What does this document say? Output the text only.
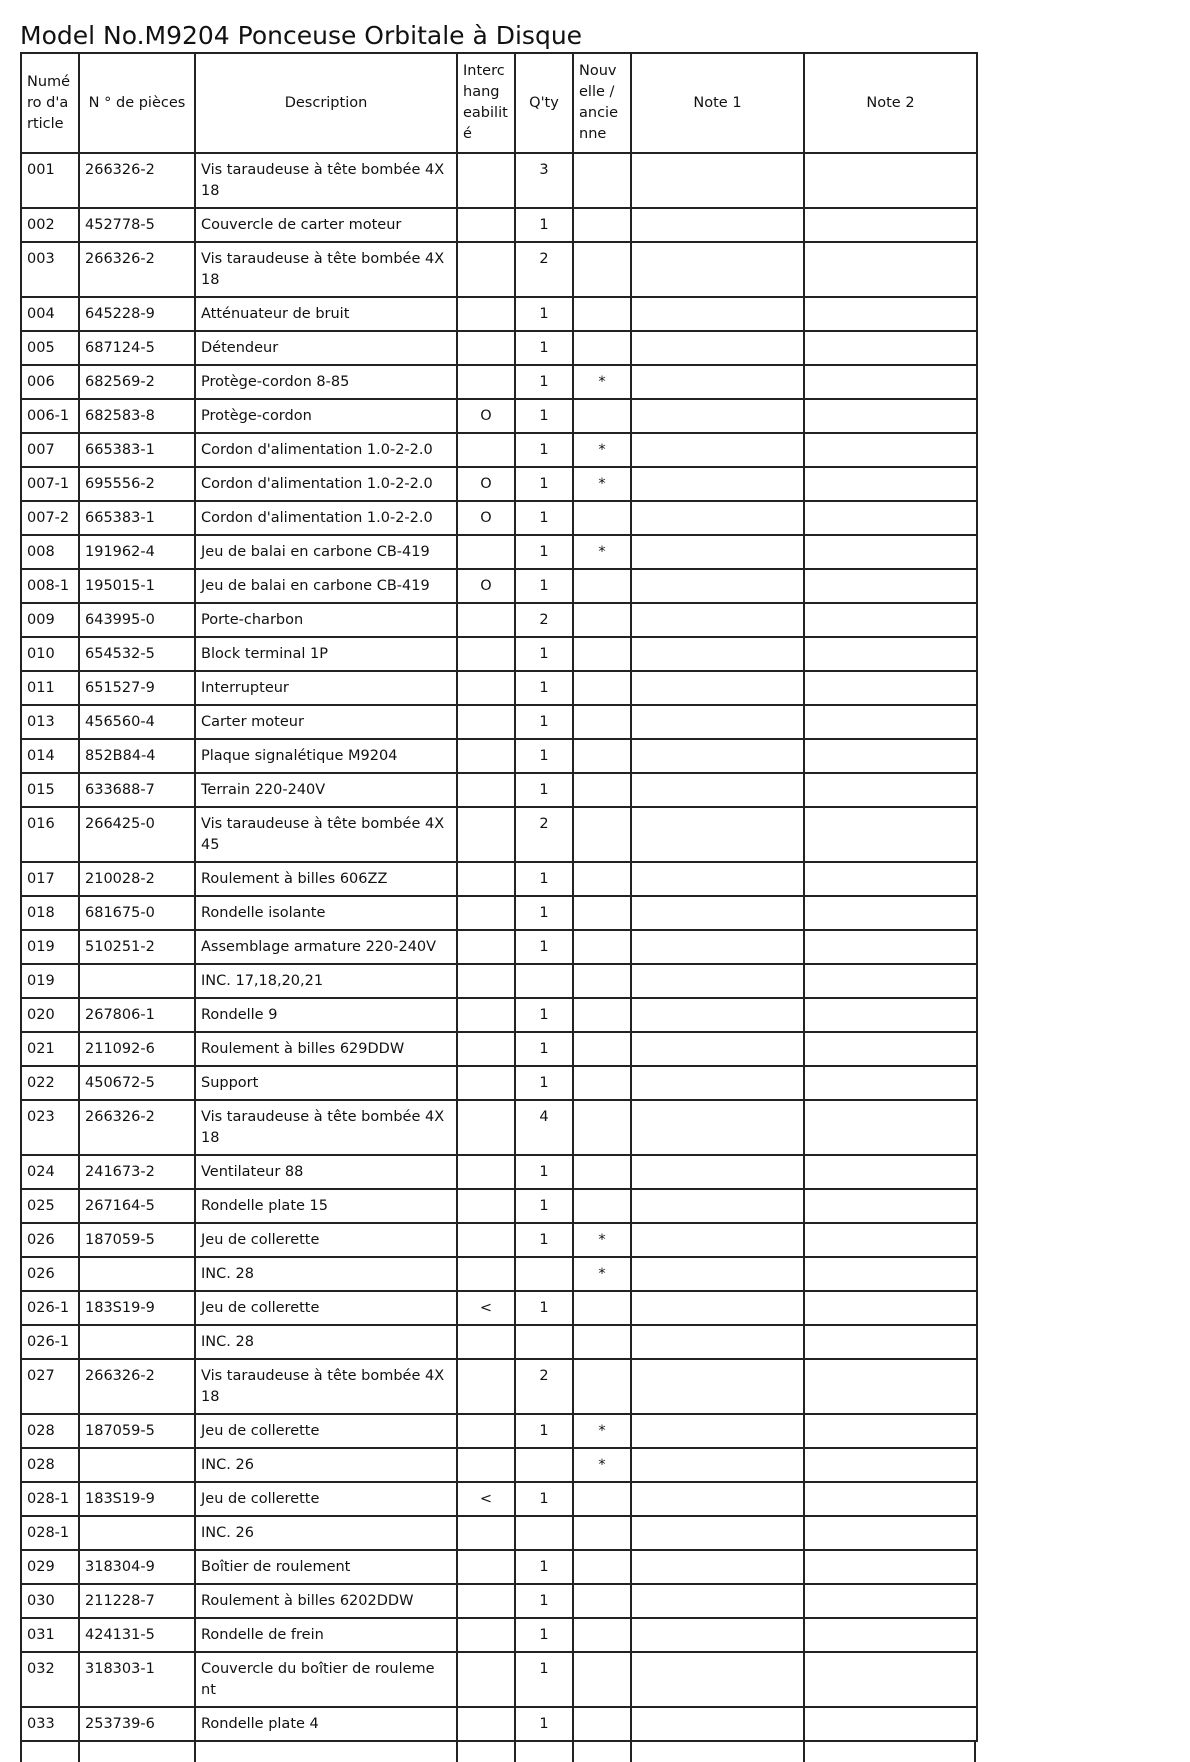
Model No.M9204 Ponceuse Orbitale à Disque
Numé ro d'a rticle	N ° de pièces	Description	Interc hang eabilit é	Q'ty	Nouv elle / ancie nne	Note 1	Note 2
001	266326-2	Vis taraudeuse à tête bombée 4X 18		3			
002	452778-5	Couvercle de carter moteur		1			
003	266326-2	Vis taraudeuse à tête bombée 4X 18		2			
004	645228-9	Atténuateur de bruit		1			
005	687124-5	Détendeur		1			
006	682569-2	Protège-cordon 8-85		1	*		
006-1	682583-8	Protège-cordon	O	1			
007	665383-1	Cordon d'alimentation 1.0-2-2.0		1	*		
007-1	695556-2	Cordon d'alimentation 1.0-2-2.0	O	1	*		
007-2	665383-1	Cordon d'alimentation 1.0-2-2.0	O	1			
008	191962-4	Jeu de balai en carbone CB-419		1	*		
008-1	195015-1	Jeu de balai en carbone CB-419	O	1			
009	643995-0	Porte-charbon		2			
010	654532-5	Block terminal 1P		1			
011	651527-9	Interrupteur		1			
013	456560-4	Carter moteur		1			
014	852B84-4	Plaque signalétique M9204		1			
015	633688-7	Terrain 220-240V		1			
016	266425-0	Vis taraudeuse à tête bombée 4X 45		2			
017	210028-2	Roulement à billes 606ZZ		1			
018	681675-0	Rondelle isolante		1			
019	510251-2	Assemblage armature 220-240V		1			
019		INC. 17,18,20,21					
020	267806-1	Rondelle 9		1			
021	211092-6	Roulement à billes 629DDW		1			
022	450672-5	Support		1			
023	266326-2	Vis taraudeuse à tête bombée 4X 18		4			
024	241673-2	Ventilateur 88		1			
025	267164-5	Rondelle plate 15		1			
026	187059-5	Jeu de collerette		1	*		
026		INC. 28			*		
026-1	183S19-9	Jeu de collerette	<	1			
026-1		INC. 28					
027	266326-2	Vis taraudeuse à tête bombée 4X 18		2			
028	187059-5	Jeu de collerette		1	*		
028		INC. 26			*		
028-1	183S19-9	Jeu de collerette	<	1			
028-1		INC. 26					
029	318304-9	Boîtier de roulement		1			
030	211228-7	Roulement à billes 6202DDW		1			
031	424131-5	Rondelle de frein		1			
032	318303-1	Couvercle du boîtier de rouleme nt		1			
033	253739-6	Rondelle plate 4		1			
